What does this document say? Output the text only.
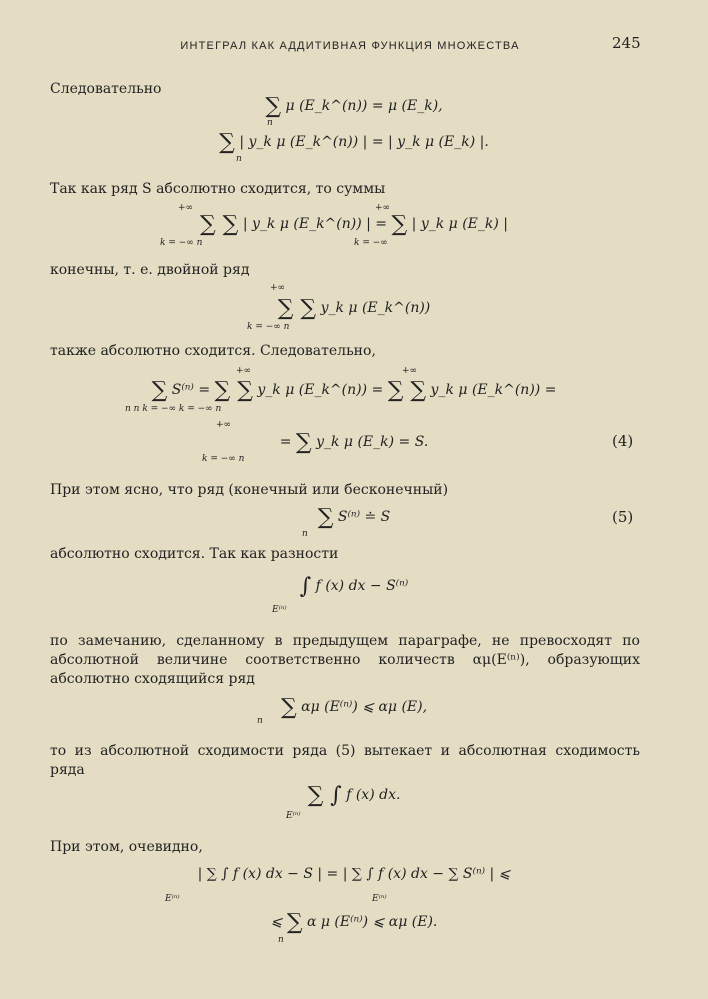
ИНТЕГРАЛ КАК АДДИТИВНАЯ ФУНКЦИЯ МНОЖЕСТВА	245
Следовательно
∑ μ (E_k^(n)) = μ (E_k),
n
∑ | y_k μ (E_k^(n)) | = | y_k μ (E_k) |.
n
Так как ряд S абсолютно сходится, то суммы
+∞	+∞
∑ ∑ | y_k μ (E_k^(n)) | = ∑ | y_k μ (E_k) |
k = −∞ n	k = −∞
конечны, т. е. двойной ряд
+∞
∑ ∑ y_k μ (E_k^(n))
k = −∞ n
также абсолютно сходится. Следовательно,
+∞	+∞
∑ S⁽ⁿ⁾ = ∑ ∑ y_k μ (E_k^(n)) = ∑ ∑ y_k μ (E_k^(n)) =
n n k = −∞ k = −∞ n
+∞
= ∑ y_k μ (E_k) = S.
k = −∞ n
(4)
При этом ясно, что ряд (конечный или бесконечный)
∑ S⁽ⁿ⁾ ≐ S
n
(5)
абсолютно сходится. Так как разности
∫ f (x) dx − S⁽ⁿ⁾
E⁽ⁿ⁾
по замечанию, сделанному в предыдущем параграфе, не превосходят по абсолютной величине соответственно количеств αμ(E⁽ⁿ⁾), образующих абсолютно сходящийся ряд
∑ αμ (E⁽ⁿ⁾) ⩽ αμ (E),
n
то из абсолютной сходимости ряда (5) вытекает и абсолютная сходимость ряда
∑ ∫ f (x) dx.
E⁽ⁿ⁾
При этом, очевидно,
| ∑ ∫ f (x) dx − S | = | ∑ ∫ f (x) dx − ∑ S⁽ⁿ⁾ | ⩽
E⁽ⁿ⁾	E⁽ⁿ⁾
⩽ ∑ α μ (E⁽ⁿ⁾) ⩽ αμ (E).
n
